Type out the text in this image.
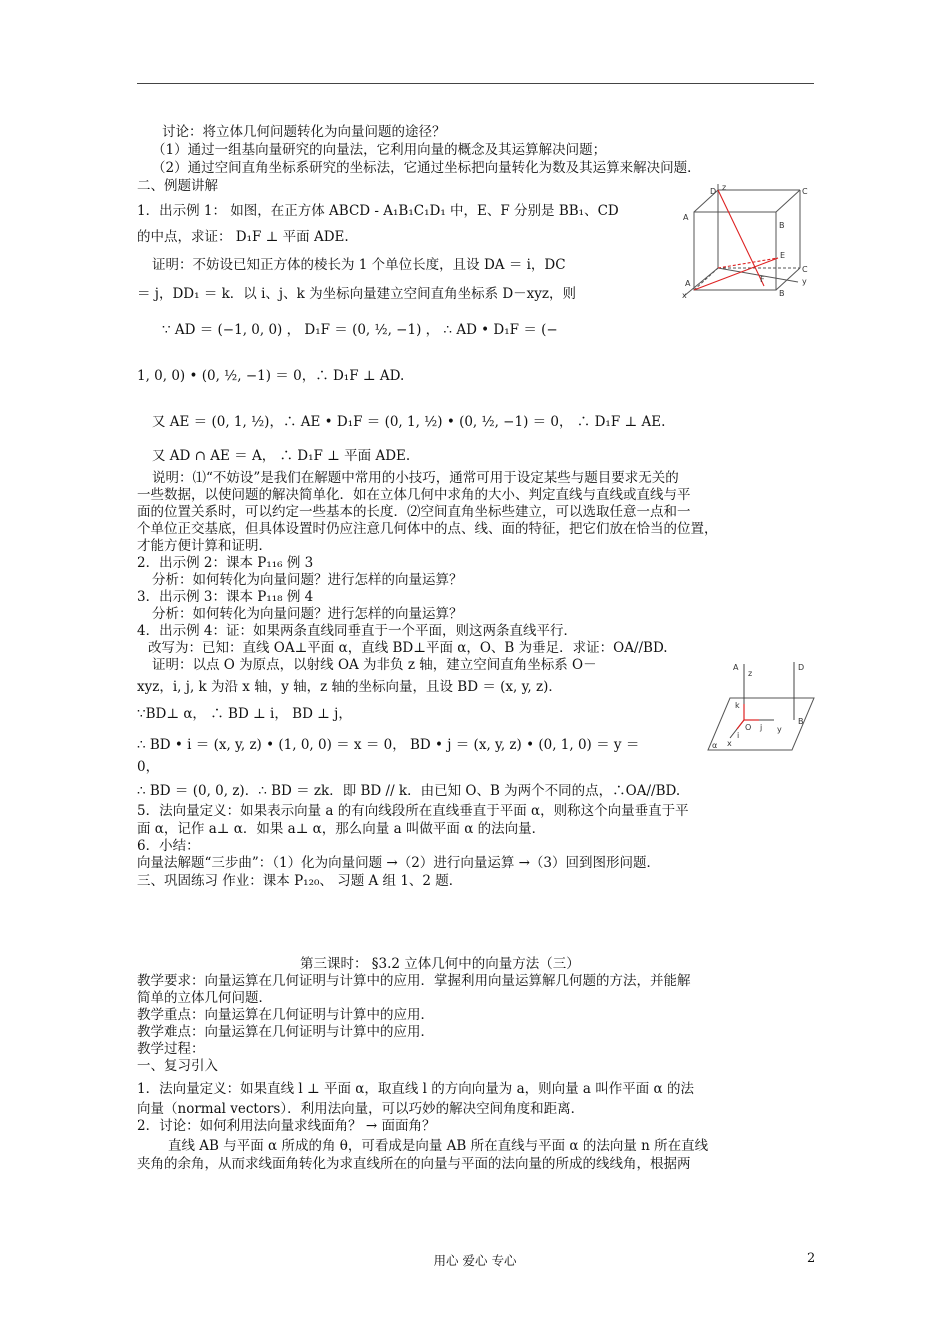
讨论：将立体几何问题转化为向量问题的途径？
（1）通过一组基向量研究的向量法，它利用向量的概念及其运算解决问题；
（2）通过空间直角坐标系研究的坐标法，它通过坐标把向量转化为数及其运算来解决问题．
二、例题讲解
1．出示例 1： 如图，在正方体 ABCD - A₁B₁C₁D₁ 中，E、F 分别是 BB₁、CD
的中点，求证： D₁F ⊥ 平面 ADE.
证明：不妨设已知正方体的棱长为 1 个单位长度，且设 DA ＝ i，DC
＝ j，DD₁ ＝ k．以 i、j、k 为坐标向量建立空间直角坐标系 D－xyz，则
∵ AD ＝ (−1, 0, 0) ， D₁F ＝ (0, ½, −1) ， ∴ AD • D₁F ＝ (−
1, 0, 0) • (0, ½, −1) ＝ 0，∴ D₁F ⊥ AD.
又 AE ＝ (0, 1, ½)，∴ AE • D₁F ＝ (0, 1, ½) • (0, ½, −1) ＝ 0， ∴ D₁F ⊥ AE.
又 AD ∩ AE ＝ A， ∴ D₁F ⊥ 平面 ADE.
说明：⑴“不妨设”是我们在解题中常用的小技巧，通常可用于设定某些与题目要求无关的
一些数据，以使问题的解决简单化．如在立体几何中求角的大小、判定直线与直线或直线与平
面的位置关系时，可以约定一些基本的长度．⑵空间直角坐标些建立，可以选取任意一点和一
个单位正交基底，但具体设置时仍应注意几何体中的点、线、面的特征，把它们放在恰当的位置，
才能方便计算和证明．
2．出示例 2：课本 P₁₁₆ 例 3
分析：如何转化为向量问题？进行怎样的向量运算？
3．出示例 3：课本 P₁₁₈ 例 4
分析：如何转化为向量问题？进行怎样的向量运算？
4．出示例 4：证：如果两条直线同垂直于一个平面，则这两条直线平行．
改写为：已知：直线 OA⊥平面 α，直线 BD⊥平面 α，O、B 为垂足．求证：OA//BD.
证明：以点 O 为原点，以射线 OA 为非负 z 轴，建立空间直角坐标系 O－
xyz，i, j, k 为沿 x 轴，y 轴，z 轴的坐标向量，且设 BD ＝ (x, y, z)．
∵BD⊥ α， ∴ BD ⊥ i， BD ⊥ j，
∴ BD • i ＝ (x, y, z) • (1, 0, 0) ＝ x ＝ 0， BD • j ＝ (x, y, z) • (0, 1, 0) ＝ y ＝
0，
∴ BD ＝ (0, 0, z)．∴ BD ＝ zk．即 BD // k．由已知 O、B 为两个不同的点，∴OA//BD.
5．法向量定义：如果表示向量 a 的有向线段所在直线垂直于平面 α，则称这个向量垂直于平
面 α，记作 a⊥ α．如果 a⊥ α，那么向量 a 叫做平面 α 的法向量．
6．小结：
向量法解题“三步曲”：（1）化为向量问题 →（2）进行向量运算 →（3）回到图形问题．
三、巩固练习 作业：课本 P₁₂₀、 习题 A 组 1、2 题．
第三课时： §3.2 立体几何中的向量方法（三）
教学要求：向量运算在几何证明与计算中的应用．掌握利用向量运算解几何题的方法，并能解
简单的立体几何问题．
教学重点：向量运算在几何证明与计算中的应用．
教学难点：向量运算在几何证明与计算中的应用．
教学过程：
一、复习引入
1．法向量定义：如果直线 l ⊥ 平面 α，取直线 l 的方向向量为 a，则向量 a 叫作平面 α 的法
向量（normal vectors）．利用法向量，可以巧妙的解决空间角度和距离．
2．讨论：如何利用法向量求线面角？ → 面面角？
直线 AB 与平面 α 所成的角 θ，可看成是向量 AB 所在直线与平面 α 的法向量 n 所在直线
夹角的余角，从而求线面角转化为求直线所在的向量与平面的法向量的所成的线线角，根据两
D z	C
A
B
E
F
x
y
A
B
C
A
z
D
k
O
i
j y
B
x
α
用心 爱心 专心	2
